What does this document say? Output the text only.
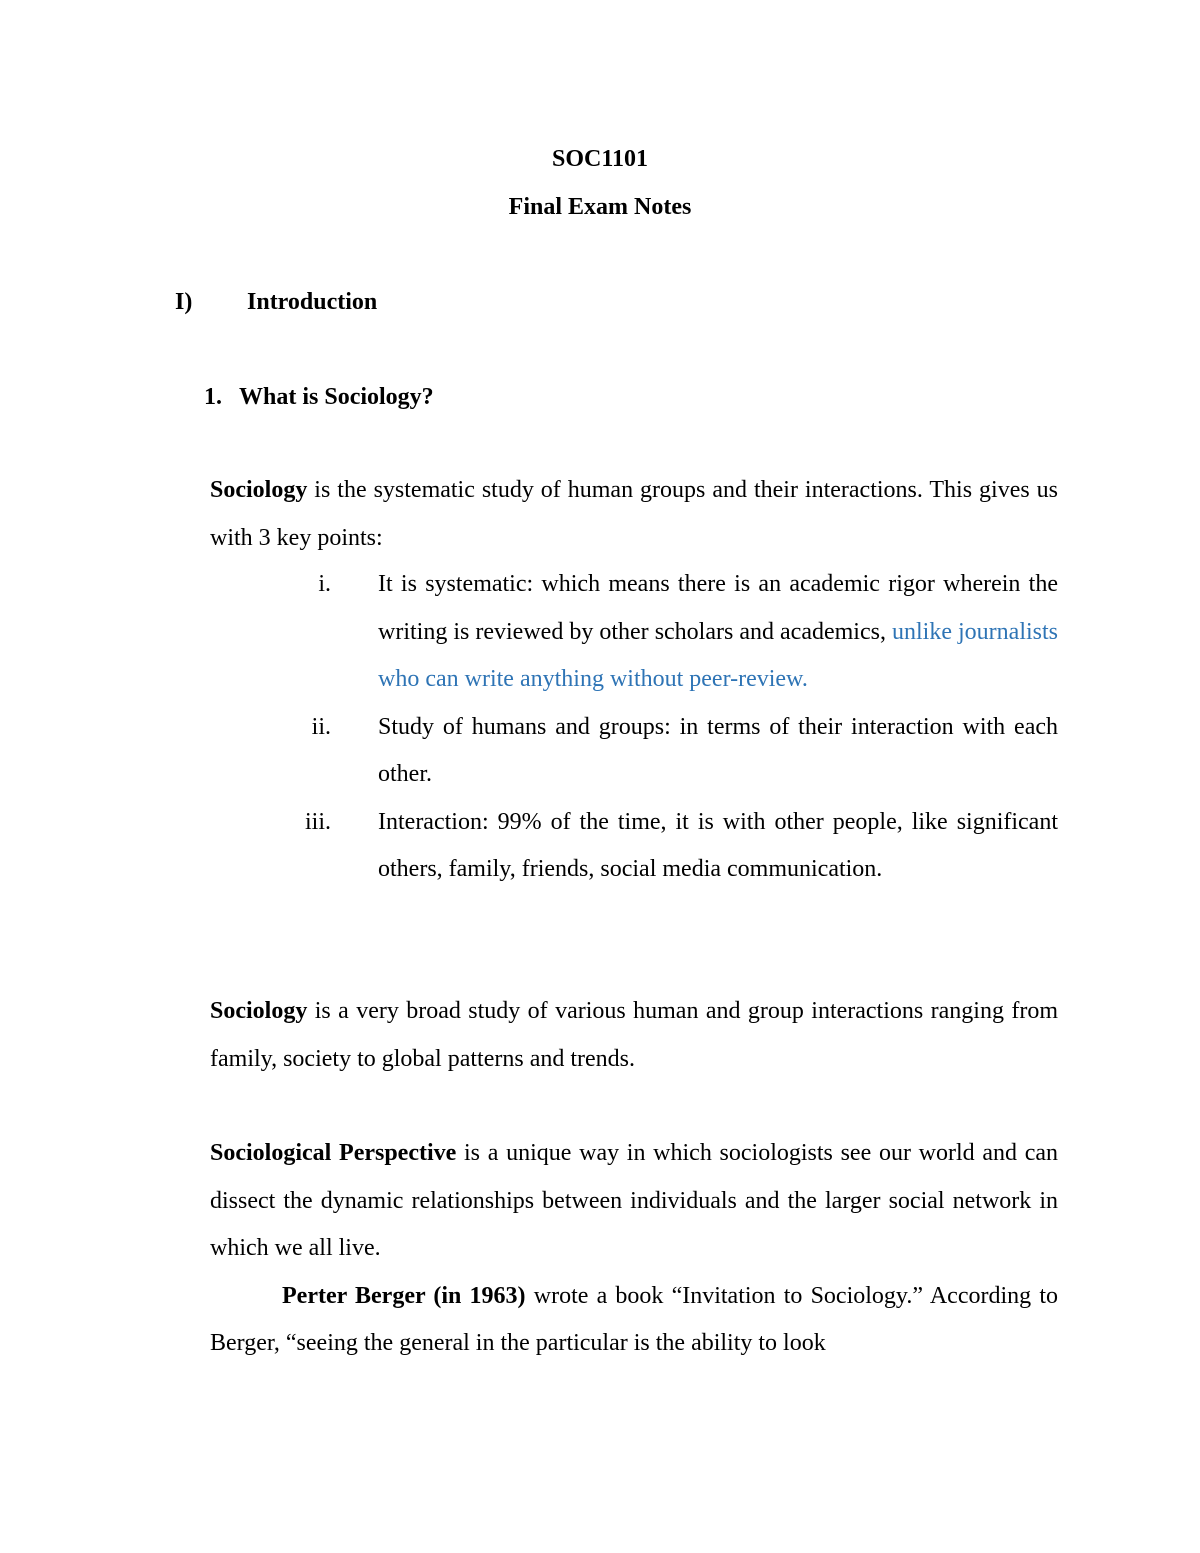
SOC1101
Final Exam Notes
I) Introduction
1. What is Sociology?

Sociology is the systematic study of human groups and their interactions. This gives us with 3 key points:

i. It is systematic: which means there is an academic rigor wherein the writing is reviewed by other scholars and academics, unlike journalists who can write anything without peer-review.
ii. Study of humans and groups: in terms of their interaction with each other.
iii. Interaction: 99% of the time, it is with other people, like significant others, family, friends, social media communication.

Sociology is a very broad study of various human and group interactions ranging from family, society to global patterns and trends.

Sociological Perspective is a unique way in which sociologists see our world and can dissect the dynamic relationships between individuals and the larger social network in which we all live.

Perter Berger (in 1963) wrote a book “Invitation to Sociology.” According to Berger, “seeing the general in the particular is the ability to look
